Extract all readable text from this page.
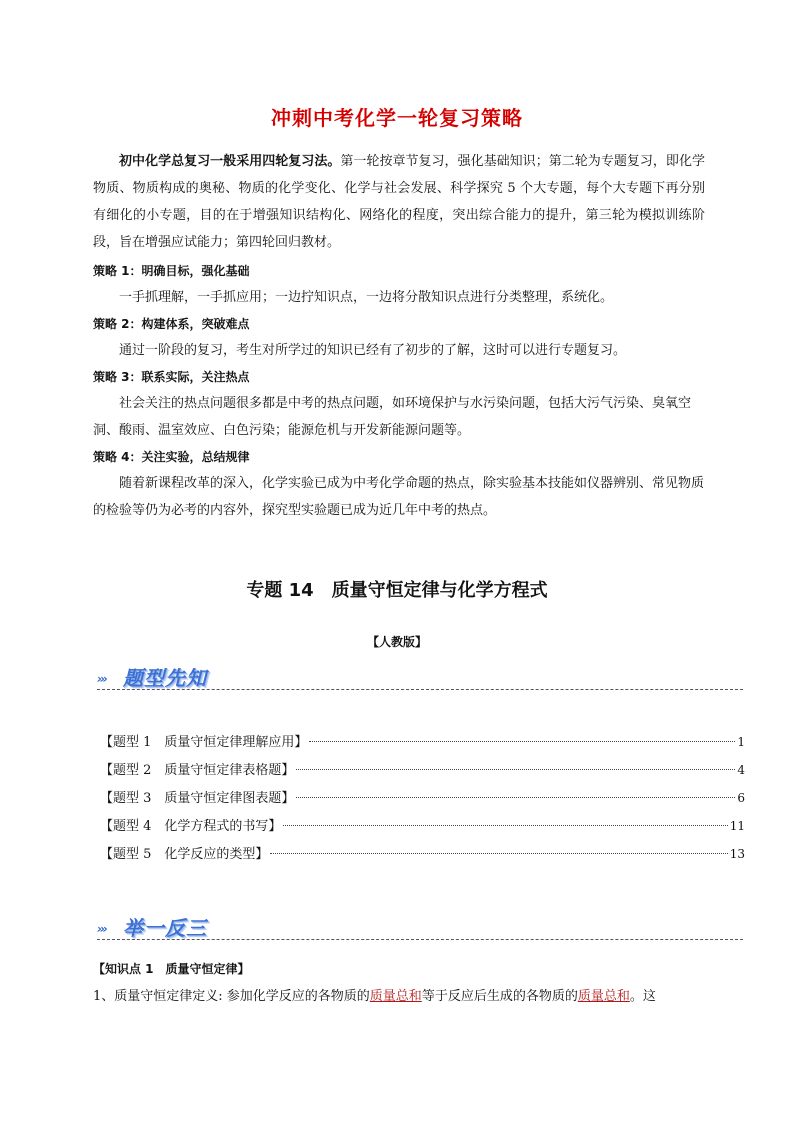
冲刺中考化学一轮复习策略

初中化学总复习一般采用四轮复习法。第一轮按章节复习，强化基础知识；第二轮为专题复习，即化学物质、物质构成的奥秘、物质的化学变化、化学与社会发展、科学探究 5 个大专题，每个大专题下再分别有细化的小专题，目的在于增强知识结构化、网络化的程度，突出综合能力的提升，第三轮为模拟训练阶段，旨在增强应试能力；第四轮回归教材。

策略 1：明确目标，强化基础

一手抓理解，一手抓应用；一边拧知识点，一边将分散知识点进行分类整理，系统化。

策略 2：构建体系，突破难点

通过一阶段的复习，考生对所学过的知识已经有了初步的了解，这时可以进行专题复习。

策略 3：联系实际，关注热点

社会关注的热点问题很多都是中考的热点问题，如环境保护与水污染问题，包括大污气污染、臭氧空洞、酸雨、温室效应、白色污染；能源危机与开发新能源问题等。

策略 4：关注实验，总结规律

随着新课程改革的深入，化学实验已成为中考化学命题的热点，除实验基本技能如仪器辨别、常见物质的检验等仍为必考的内容外，探究型实验题已成为近几年中考的热点。

专题 14　质量守恒定律与化学方程式
【人教版】
››› 题型先知
【题型 1　质量守恒定律理解应用】	1
【题型 2　质量守恒定律表格题】	4
【题型 3　质量守恒定律图表题】	6
【题型 4　化学方程式的书写】	11
【题型 5　化学反应的类型】	13
››› 举一反三
【知识点 1　质量守恒定律】
1、质量守恒定律定义: 参加化学反应的各物质的质量总和等于反应后生成的各物质的质量总和。这
